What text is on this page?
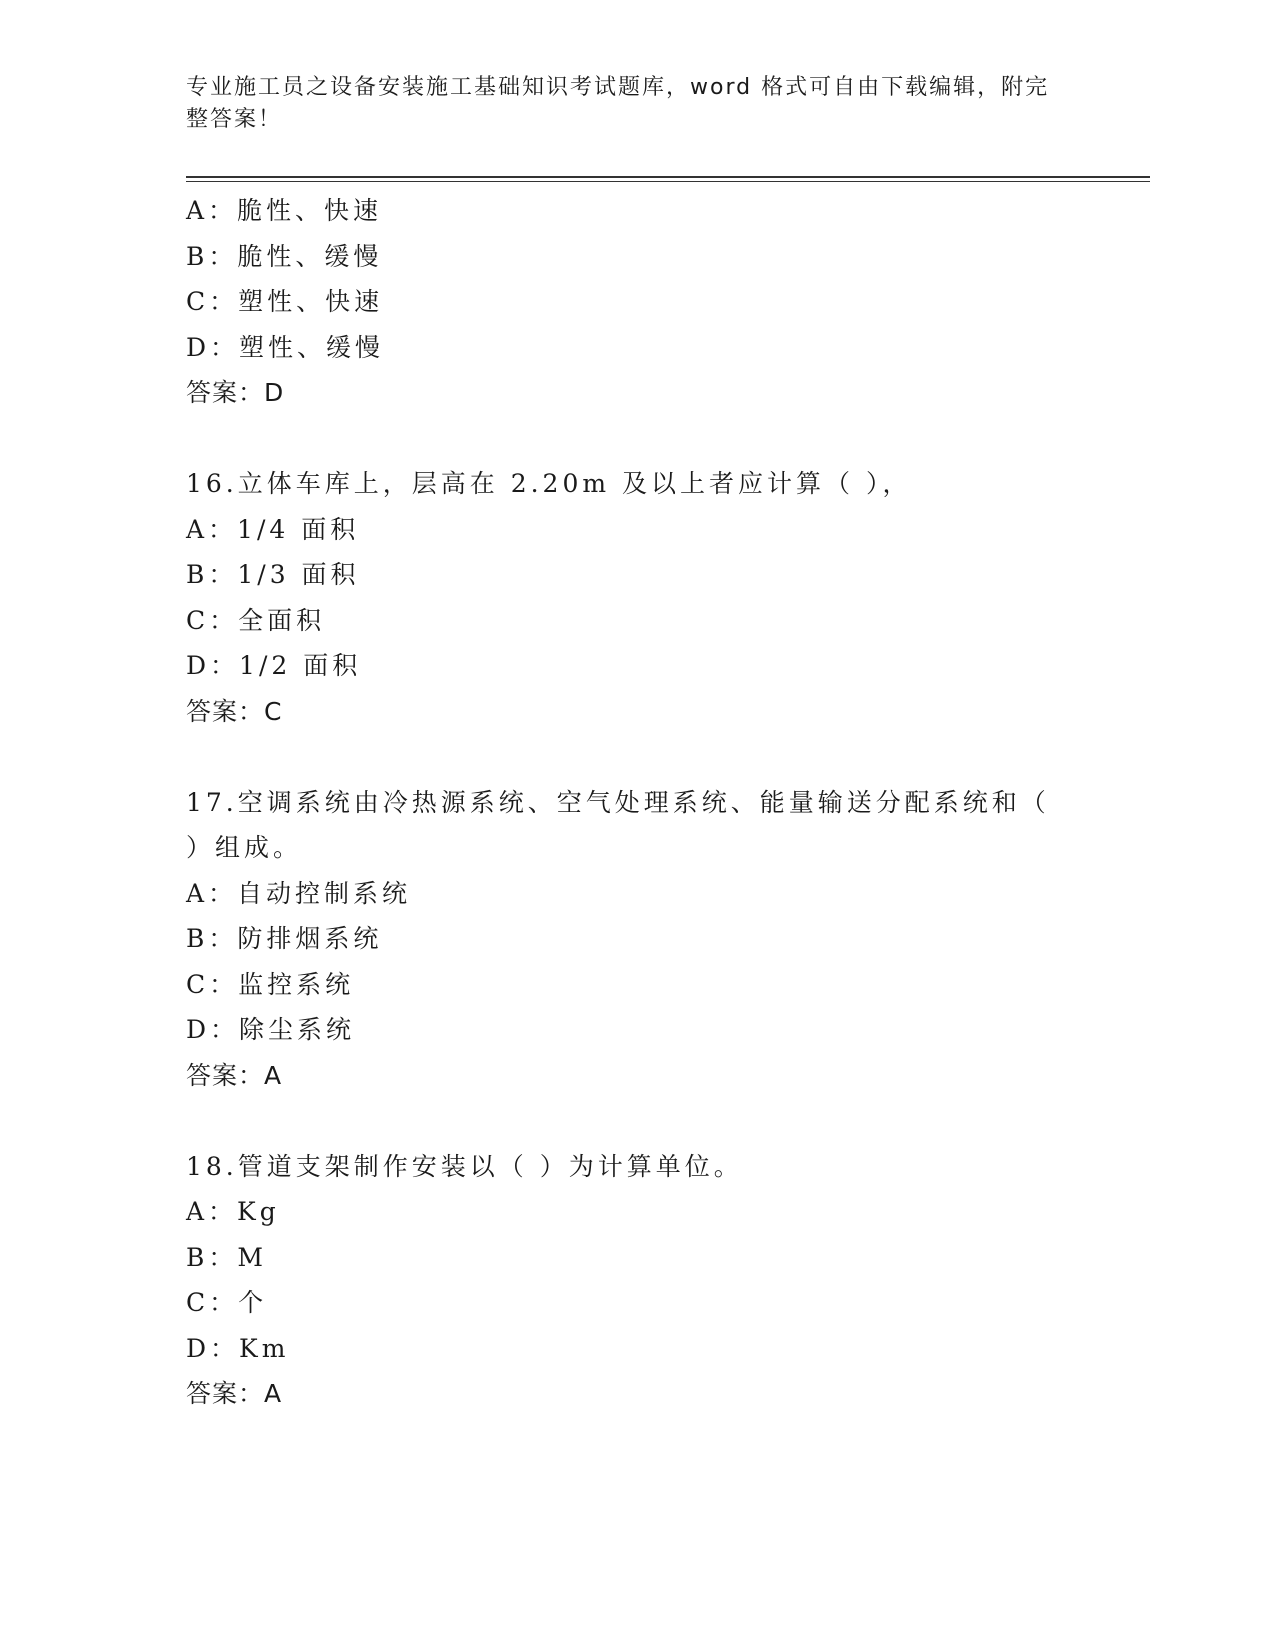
专业施工员之设备安装施工基础知识考试题库，word 格式可自由下载编辑，附完整答案！
A：脆性、快速
B：脆性、缓慢
C：塑性、快速
D：塑性、缓慢
答案：D
16.立体车库上，层高在 2.20m 及以上者应计算（ ），
A：1/4 面积
B：1/3 面积
C：全面积
D：1/2 面积
答案：C
17.空调系统由冷热源系统、空气处理系统、能量输送分配系统和（
）组成。
A：自动控制系统
B：防排烟系统
C：监控系统
D：除尘系统
答案：A
18.管道支架制作安装以（ ）为计算单位。
A：Kg
B：M
C：个
D：Km
答案：A
